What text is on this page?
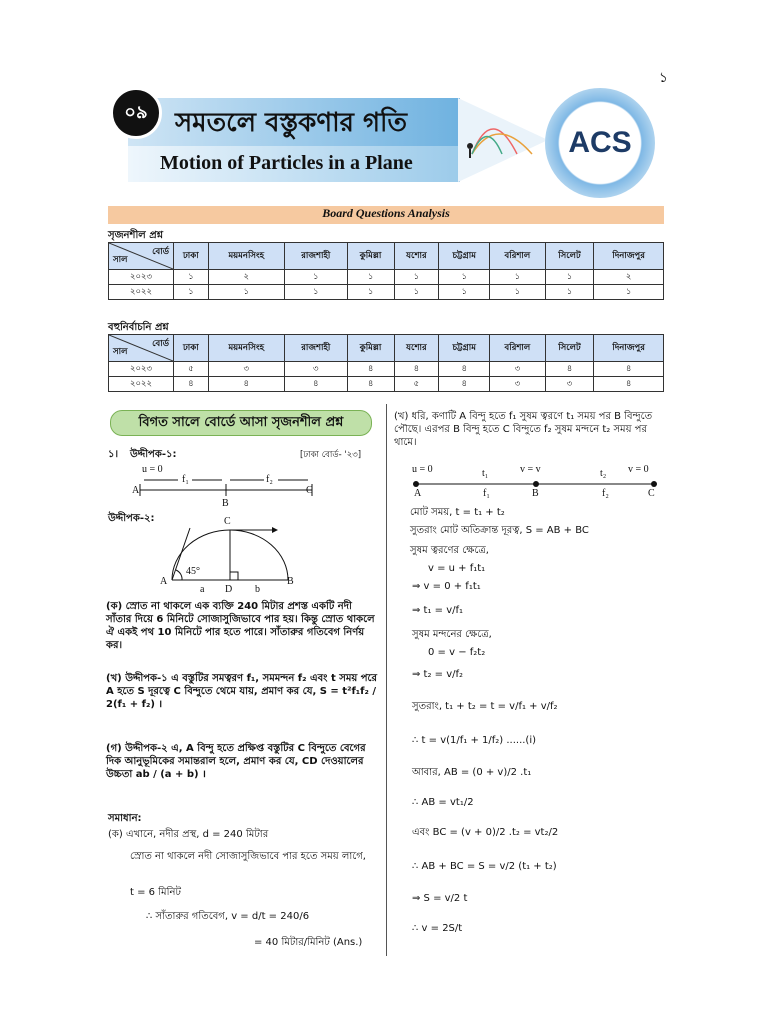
১
০৯	সমতলে বস্তুকণার গতি
Motion of Particles in a Plane
ACS
Board Questions Analysis
সৃজনশীল প্রশ্ন
বোর্ড
সাল	ঢাকা	ময়মনসিংহ	রাজশাহী	কুমিল্লা	যশোর	চট্টগ্রাম	বরিশাল	সিলেট	দিনাজপুর
২০২৩	১	২	১	১	১	১	১	১	২
২০২২	১	১	১	১	১	১	১	১	১
বহুনির্বাচনি প্রশ্ন
বোর্ড
সাল	ঢাকা	ময়মনসিংহ	রাজশাহী	কুমিল্লা	যশোর	চট্টগ্রাম	বরিশাল	সিলেট	দিনাজপুর
২০২৩	৫	৩	৩	৪	৪	৪	৩	৪	৪
২০২২	৪	৪	৪	৪	৫	৪	৩	৩	৪
বিগত সালে বোর্ডে আসা সৃজনশীল প্রশ্ন
১। উদ্দীপক-১:	[ঢাকা বোর্ড- '২৩]
u = 0
f₁	f₂
A
B
C
উদ্দীপক-২:	C
45°
A	B
D
a	b
(ক) স্রোত না থাকলে এক ব্যক্তি 240 মিটার প্রশস্ত একটি নদী সাঁতার দিয়ে 6 মিনিটে সোজাসুজিভাবে পার হয়। কিন্তু স্রোত থাকলে ঐ একই পথ 10 মিনিটে পার হতে পারে। সাঁতারুর গতিবেগ নির্ণয় কর।
(খ) উদ্দীপক-১ এ বস্তুটির সমত্বরণ f₁, সমমন্দন f₂ এবং t সময় পরে A হতে S দূরত্বে C বিন্দুতে থেমে যায়, প্রমাণ কর যে, S = t²f₁f₂ / 2(f₁ + f₂) ।
(গ) উদ্দীপক-২ এ, A বিন্দু হতে প্রক্ষিপ্ত বস্তুটির C বিন্দুতে বেগের দিক আনুভূমিকের সমান্তরাল হলে, প্রমাণ কর যে, CD দেওয়ালের উচ্চতা ab / (a + b) ।
সমাধান:
(ক) এখানে, নদীর প্রস্থ, d = 240 মিটার
স্রোত না থাকলে নদী সোজাসুজিভাবে পার হতে সময় লাগে,
t = 6 মিনিট
∴ সাঁতারুর গতিবেগ, v = d/t = 240/6
= 40 মিটার/মিনিট (Ans.)
(খ) ধরি, কণাটি A বিন্দু হতে f₁ সুষম ত্বরণে t₁ সময় পর B বিন্দুতে পৌছে। এরপর B বিন্দু হতে C বিন্দুতে f₂ সুষম মন্দনে t₂ সময় পর থামে।
u = 0	t₁	v = v	t₂ v = 0
A	f₁	B	f₂	C
মোট সময়, t = t₁ + t₂
সুতরাং মোট অতিক্রান্ত দূরত্ব, S = AB + BC
সুষম ত্বরণের ক্ষেত্রে,
v = u + f₁t₁
⇒ v = 0 + f₁t₁
⇒ t₁ = v/f₁
সুষম মন্দনের ক্ষেত্রে,
0 = v − f₂t₂
⇒ t₂ = v/f₂
সুতরাং, t₁ + t₂ = t = v/f₁ + v/f₂
∴ t = v(1/f₁ + 1/f₂) ......(i)
আবার, AB = (0 + v)/2 .t₁
∴ AB = vt₁/2
এবং BC = (v + 0)/2 .t₂ = vt₂/2
∴ AB + BC = S = v/2 (t₁ + t₂)
⇒ S = v/2 t
∴ v = 2S/t
